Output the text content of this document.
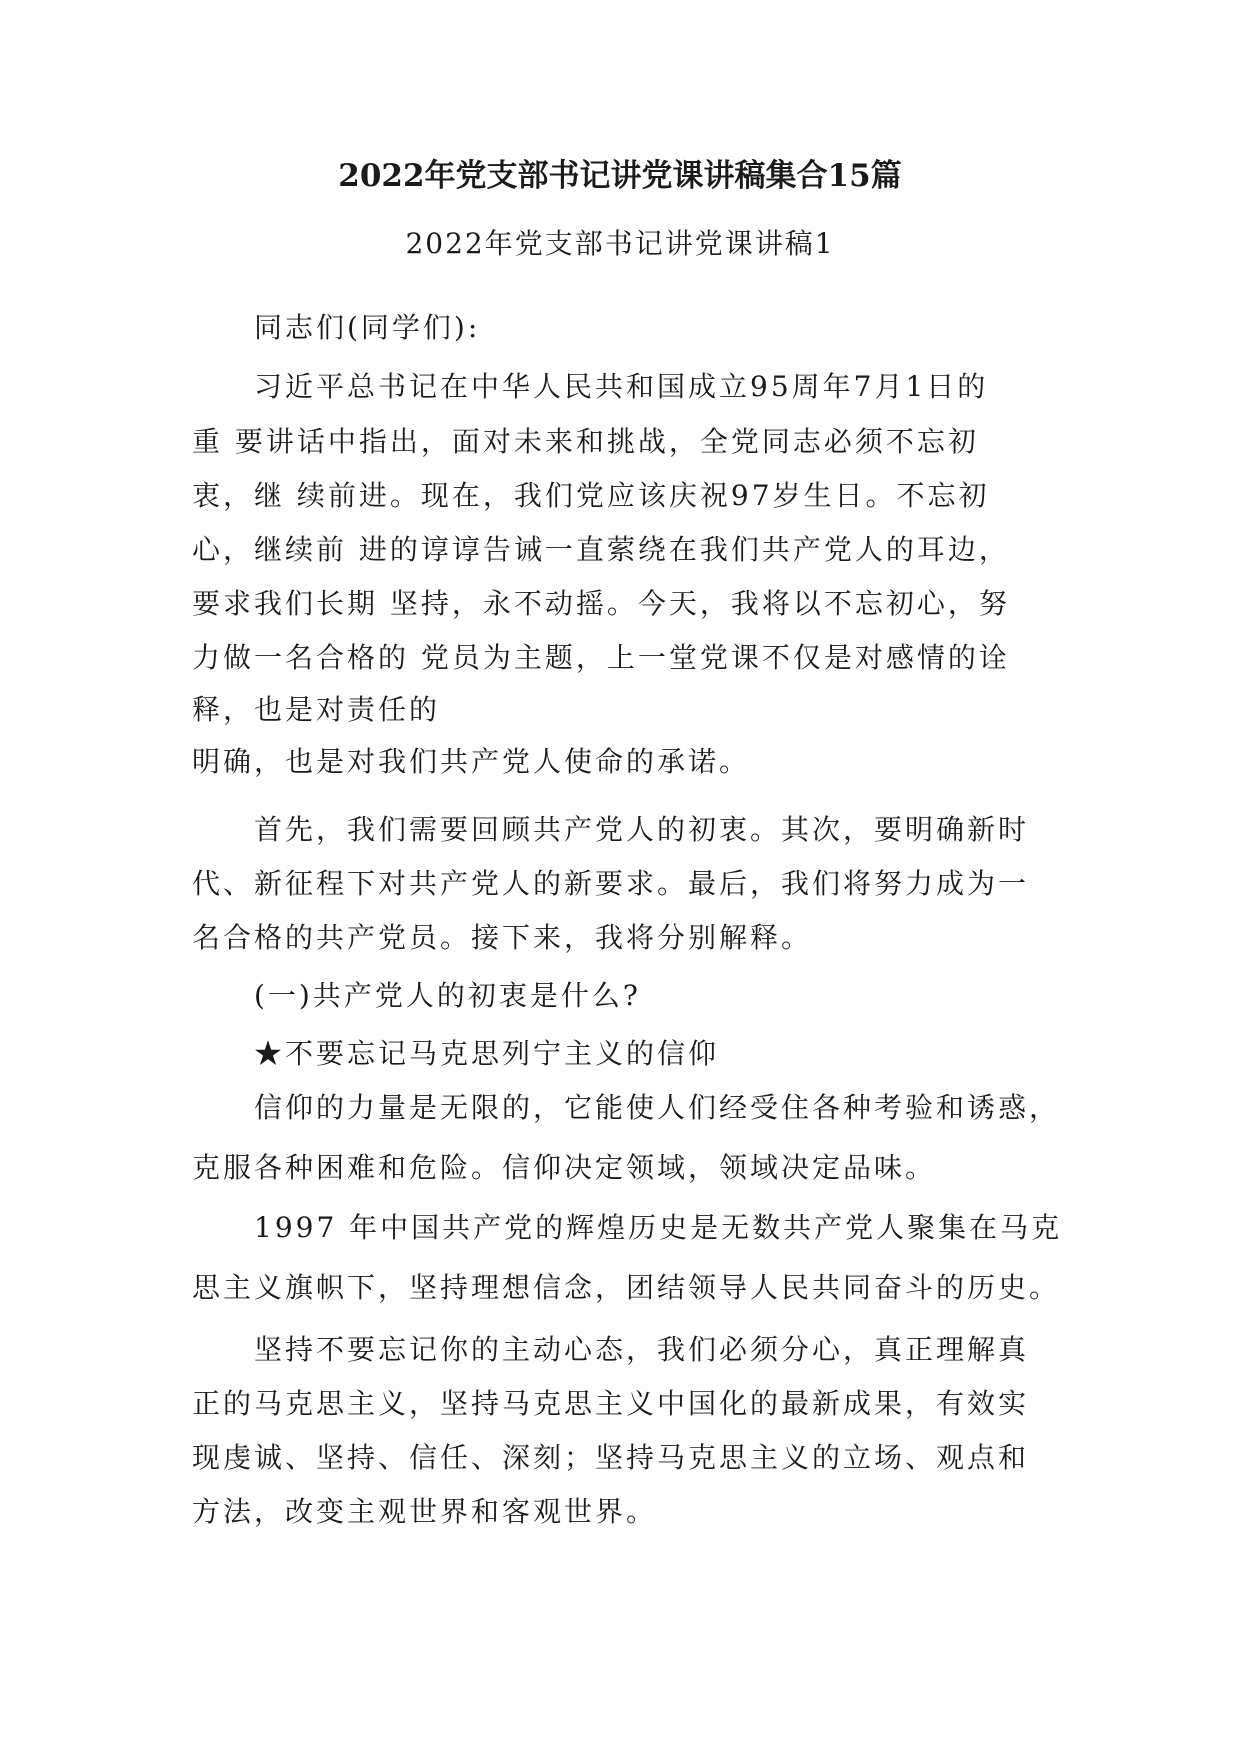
2022年党支部书记讲党课讲稿集合15篇
2022年党支部书记讲党课讲稿1
同志们(同学们):
习近平总书记在中华人民共和国成立95周年7月1日的
重 要讲话中指出，面对未来和挑战，全党同志必须不忘初
衷，继 续前进。现在，我们党应该庆祝97岁生日。不忘初
心，继续前 进的谆谆告诫一直萦绕在我们共产党人的耳边，
要求我们长期 坚持，永不动摇。今天，我将以不忘初心，努
力做一名合格的 党员为主题，上一堂党课不仅是对感情的诠
释，也是对责任的
明确，也是对我们共产党人使命的承诺。
首先，我们需要回顾共产党人的初衷。其次，要明确新时
代、新征程下对共产党人的新要求。最后，我们将努力成为一
名合格的共产党员。接下来，我将分别解释。
(一)共产党人的初衷是什么?
★不要忘记马克思列宁主义的信仰
信仰的力量是无限的，它能使人们经受住各种考验和诱惑，
克服各种困难和危险。信仰决定领域，领域决定品味。
1997 年中国共产党的辉煌历史是无数共产党人聚集在马克
思主义旗帜下，坚持理想信念，团结领导人民共同奋斗的历史。
坚持不要忘记你的主动心态，我们必须分心，真正理解真
正的马克思主义，坚持马克思主义中国化的最新成果，有效实
现虔诚、坚持、信任、深刻；坚持马克思主义的立场、观点和
方法，改变主观世界和客观世界。
